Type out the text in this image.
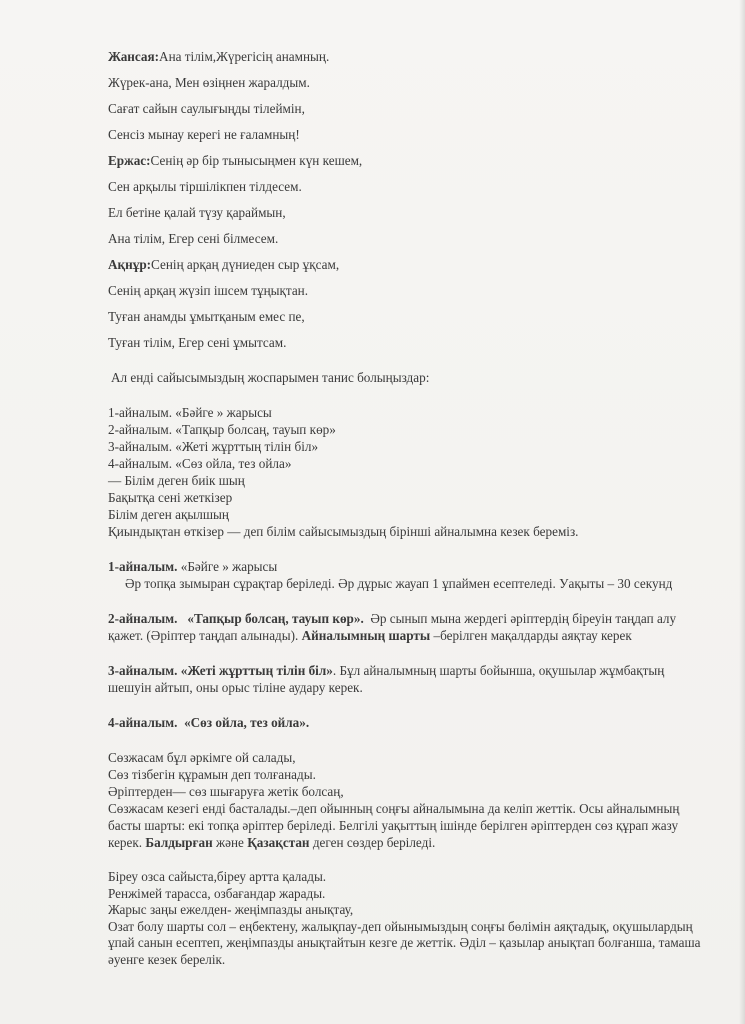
Жансая:Ана тілім,Жүрегісің анамның.

Жүрек-ана, Мен өзіңнен жаралдым.

Сағат сайын саулығыңды тілеймін,

Сенсіз мынау керегі не ғаламның!

Ержас:Сенің әр бір тынысыңмен күн кешем,

Сен арқылы тіршілікпен тілдесем.

Ел бетіне қалай түзу қараймын,

Ана тілім, Егер сені білмесем.

Ақнұр:Сенің арқаң дүниеден сыр ұқсам,

Сенің арқаң жүзіп ішсем тұңықтан.

Туған анамды ұмытқаным емес пе,

Туған тілім, Егер сені ұмытсам.

Ал енді сайысымыздың жоспарымен танис болыңыздар:
1-айналым. «Бәйге » жарысы
2-айналым. «Тапқыр болсаң, тауып көр»
3-айналым. «Жеті жұрттың тілін біл»
4-айналым. «Сөз ойла, тез ойла»
― Білім деген биік шың
Бақытқа сені жеткізер
Білім деген ақылшың
Қиындықтан өткізер ― деп білім сайысымыздың бірінші айналымна кезек береміз.

1-айналым. «Бәйге » жарысы

Әр топқа зымыран сұрақтар беріледі. Әр дұрыс жауап 1 ұпаймен есептеледі. Уақыты – 30 секунд

2-айналым. «Тапқыр болсаң, тауып көр». Әр сынып мына жердегі әріптердің біреуін таңдап алу қажет. (Әріптер таңдап алынады). Айналымның шарты –берілген мақалдарды аяқтау керек

3-айналым. «Жеті жұрттың тілін біл». Бұл айналымның шарты бойынша, оқушылар жұмбақтың шешуін айтып, оны орыс тіліне аудару керек.

4-айналым. «Сөз ойла, тез ойла».

Сөзжасам бұл әркімге ой салады,

Сөз тізбегін құрамын деп толғанады.

Әріптерден― сөз шығаруға жетік болсаң,

Сөзжасам кезегі енді басталады.–деп ойынның соңғы айналымына да келіп жеттік. Осы айналымның басты шарты: екі топқа әріптер беріледі. Белгілі уақыттың ішінде берілген әріптерден сөз құрап жазу керек. Балдырған және Қазақстан деген сөздер беріледі.

Біреу озса сайыста,біреу артта қалады.
Ренжімей тарасса, озбағандар жарады.
Жарыс заңы ежелден- жеңімпазды анықтау,

Озат болу шарты сол – еңбектену, жалықпау-деп ойынымыздың соңғы бөлімін аяқтадық, оқушылардың ұпай санын есептеп, жеңімпазды анықтайтын кезге де жеттік. Әділ – қазылар анықтап болғанша, тамаша әуенге кезек берелік.
